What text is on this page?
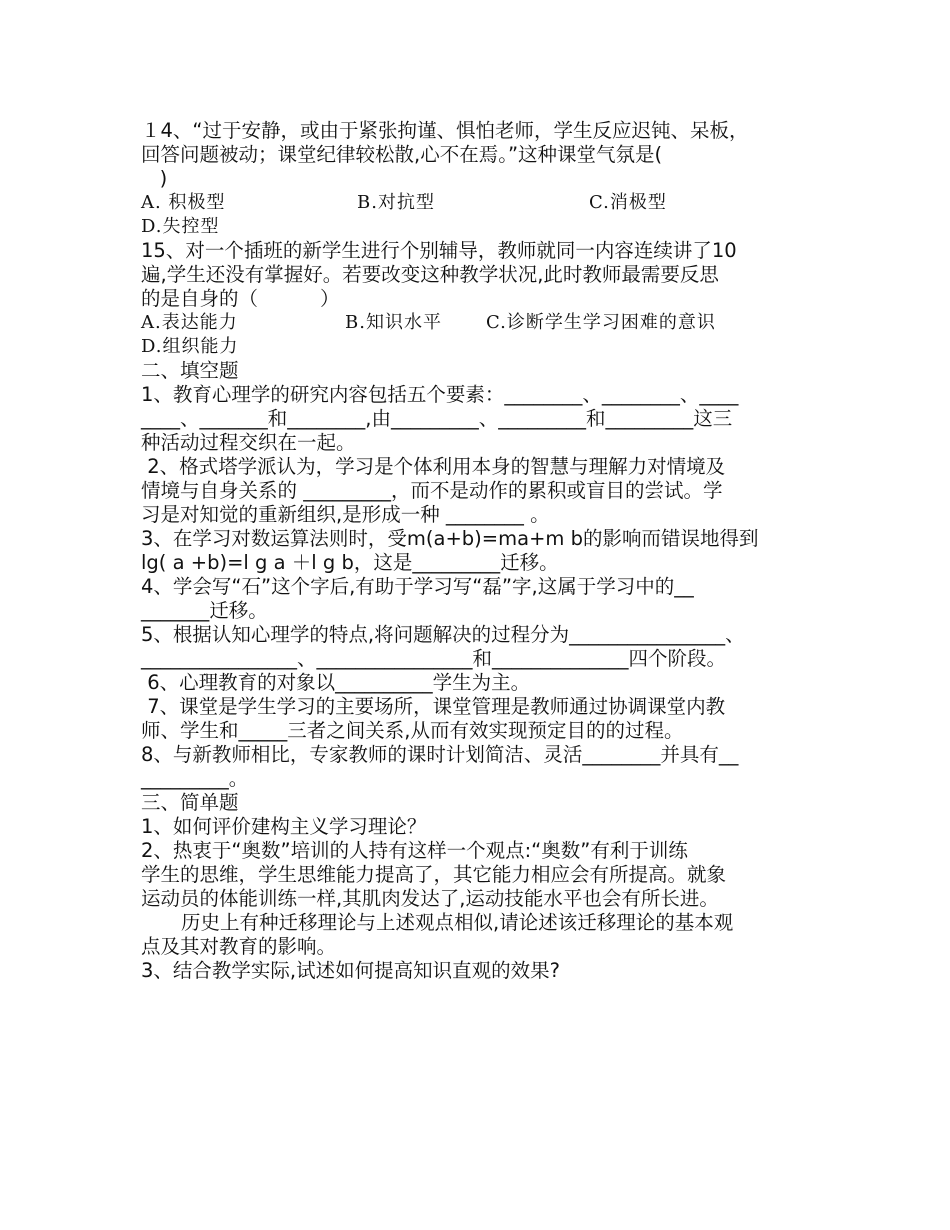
１4、“过于安静，或由于紧张拘谨、惧怕老师，学生反应迟钝、呆板，
回答问题被动；课堂纪律较松散,心不在焉。”这种课堂气氛是(
)
A. 积极型	B.对抗型	C.消极型
D.失控型
15、对一个插班的新学生进行个别辅导，教师就同一内容连续讲了10
遍,学生还没有掌握好。若要改变这种教学状况,此时教师最需要反思
的是自身的（          ）
A.表达能力	B.知识水平 C.诊断学生学习困难的意识
D.组织能力
二、填空题
1、教育心理学的研究内容包括五个要素：________、________、____
____、_______和________,由_________、_________和_________这三
种活动过程交织在一起。
2、格式塔学派认为，学习是个体利用本身的智慧与理解力对情境及
情境与自身关系的 _________，而不是动作的累积或盲目的尝试。学
习是对知觉的重新组织,是形成一种 ________ 。
3、在学习对数运算法则时，受m(a+b)=ma+m b的影响而错误地得到
lg( a +b)=l g a ＋l g b，这是_________迁移。
4、学会写“石”这个字后,有助于学习写“磊”字,这属于学习中的__
_______迁移。
5、根据认知心理学的特点,将问题解决的过程分为________________、
________________、________________和______________四个阶段。
6、心理教育的对象以__________学生为主。
7、课堂是学生学习的主要场所，课堂管理是教师通过协调课堂内教
师、学生和_____三者之间关系,从而有效实现预定目的的过程。
8、与新教师相比，专家教师的课时计划简洁、灵活________并具有__
_________。
三、简单题
1、如何评价建构主义学习理论？
2、热衷于“奥数”培训的人持有这样一个观点:“奥数”有利于训练
学生的思维，学生思维能力提高了，其它能力相应会有所提高。就象
运动员的体能训练一样,其肌肉发达了,运动技能水平也会有所长进。
历史上有种迁移理论与上述观点相似,请论述该迁移理论的基本观
点及其对教育的影响。
3、结合教学实际,试述如何提高知识直观的效果?
